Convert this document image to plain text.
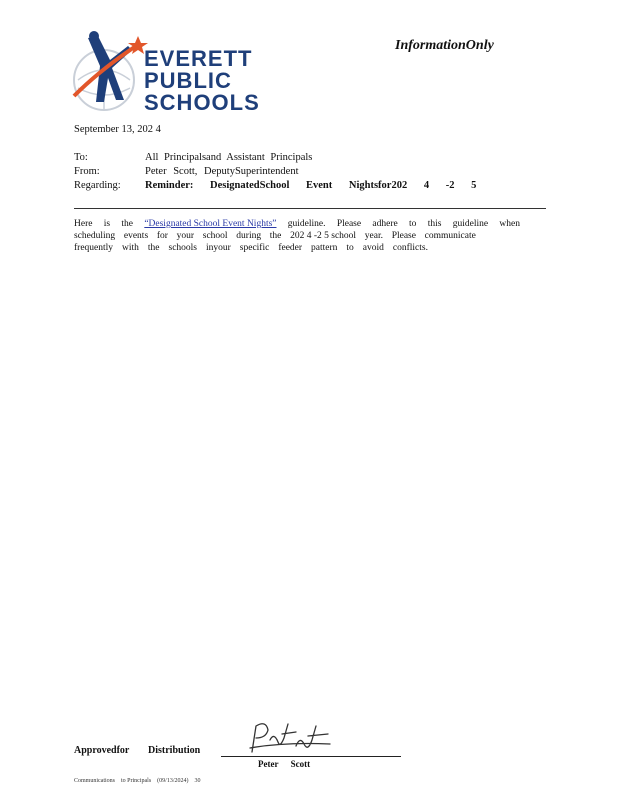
EVERETT
PUBLIC
SCHOOLS
InformationOnly
September 13, 202 4
To:	All Principalsand Assistant Principals
From:	Peter Scott, DeputySuperintendent
Regarding: Reminder: DesignatedSchool Event Nightsfor202 4 -2 5
Here is the “Designated School Event Nights” guideline. Please adhere to this guideline when
scheduling events for your school during the 202 4 -2 5 school year. Please communicate
frequently with the schools inyour specific feeder pattern to avoid conflicts.
Approvedfor Distribution
Peter Scott
Communications    to Principals    (09/13/2024)    30
